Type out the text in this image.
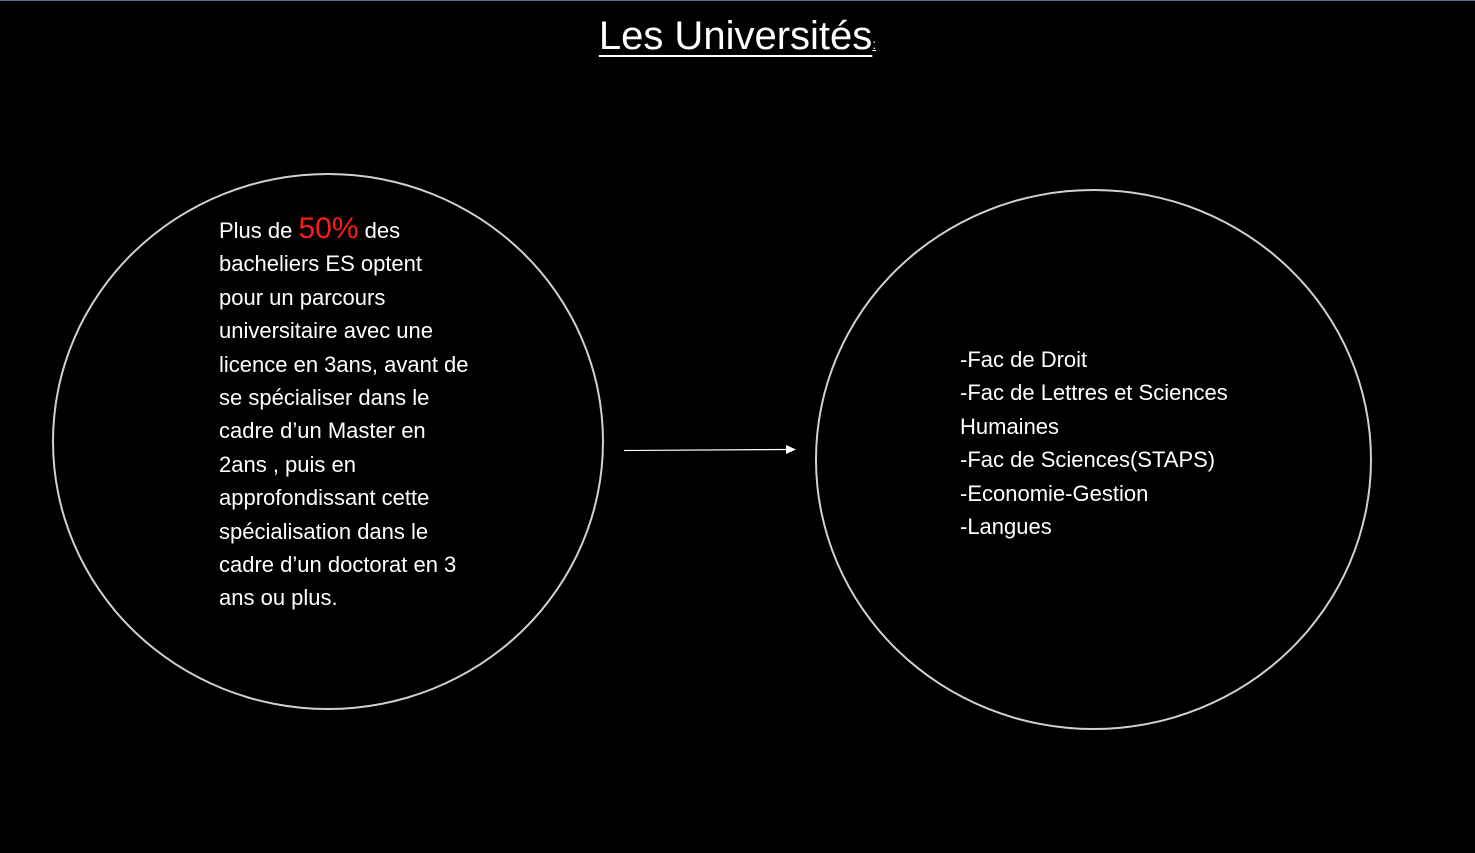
Les Universités:
Plus de 50% des bacheliers ES optent pour un parcours universitaire avec une licence en 3ans, avant de se spécialiser dans le cadre d’un Master en 2ans , puis en approfondissant cette spécialisation dans le cadre d’un doctorat en 3 ans ou plus.
-Fac de Droit
-Fac de Lettres et Sciences Humaines
-Fac de Sciences(STAPS)
-Economie-Gestion
-Langues
